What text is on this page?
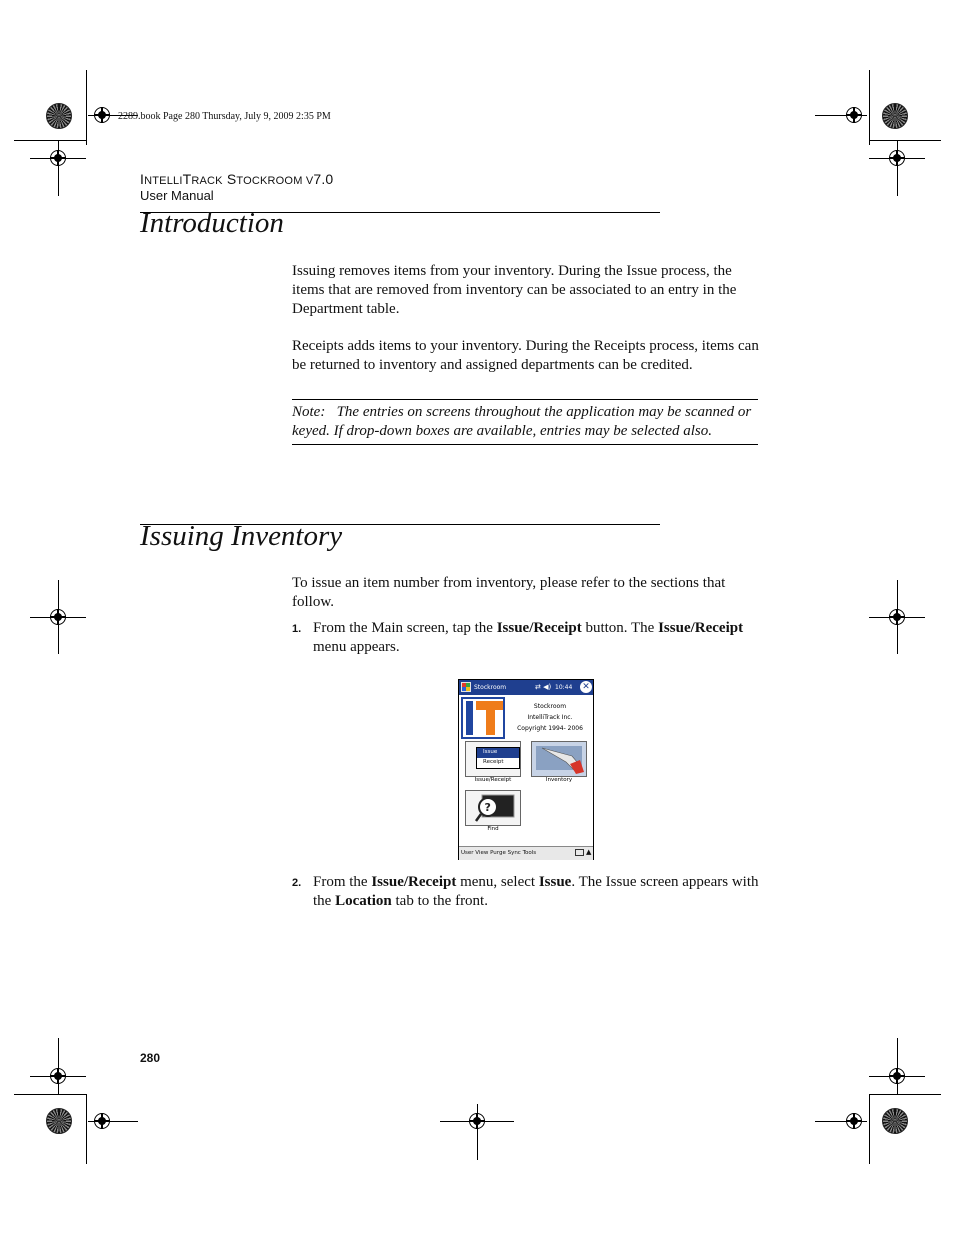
2289.book Page 280 Thursday, July 9, 2009 2:35 PM
INTELLITRACK STOCKROOM V7.0
User Manual
Introduction
Issuing removes items from your inventory. During the Issue process, the items that are removed from inventory can be associated to an entry in the Department table.
Receipts adds items to your inventory. During the Receipts process, items can be returned to inventory and assigned departments can be credited.
Note: The entries on screens throughout the application may be scanned or keyed. If drop-down boxes are available, entries may be selected also.
Issuing Inventory
To issue an item number from inventory, please refer to the sections that follow.
1. From the Main screen, tap the Issue/Receipt button. The Issue/Receipt menu appears.
Stockroom	⇄ ◀) 10:44 ✕
Stockroom
IntelliTrack Inc.
Copyright 1994- 2006
Issue
Receipt
Issue/Receipt	Inventory
?
Find
User View Purge Sync Tools	▲
2. From the Issue/Receipt menu, select Issue. The Issue screen appears with the Location tab to the front.
280
